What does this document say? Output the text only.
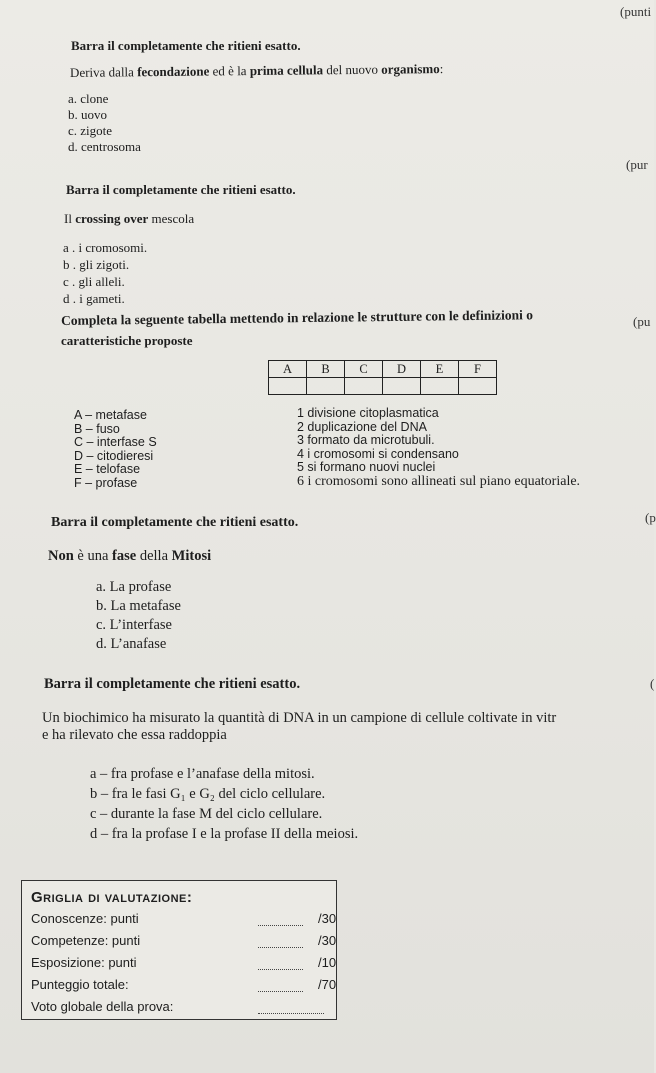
(punti
(pur
(pu
(p
Barra il completamente che ritieni esatto.
Deriva dalla fecondazione ed è la prima cellula del nuovo organismo:
a. clone
b. uovo
c. zigote
d. centrosoma
Barra il completamente che ritieni esatto.
Il crossing over mescola
a . i cromosomi.
b . gli zigoti.
c . gli alleli.
d . i gameti.
Completa la seguente tabella mettendo in relazione le strutture con le definizioni o
caratteristiche proposte
A	B	C	D	E	F

A – metafase
B – fuso
C – interfase S
D – citodieresi
E – telofase
F – profase
1 divisione citoplasmatica
2 duplicazione del DNA
3 formato da microtubuli.
4 i cromosomi si condensano
5 si formano nuovi nuclei
6 i cromosomi sono allineati sul piano equatoriale.
Barra il completamente che ritieni esatto.
Non è una fase della Mitosi
a. La profase
b. La metafase
c. L’interfase
d. L’anafase
Barra il completamente che ritieni esatto.
Un biochimico ha misurato la quantità di DNA in un campione di cellule coltivate in vitr
e ha rilevato che essa raddoppia
a – fra profase e l’anafase della mitosi.
b – fra le fasi G₁ e G₂ del ciclo cellulare.
c – durante la fase M del ciclo cellulare.
d – fra la profase I e la profase II della meiosi.
Griglia di valutazione:
Conoscenze: punti	/30
Competenze: punti	/30
Esposizione: punti	/10
Punteggio totale:	/70
Voto globale della prova:
(
